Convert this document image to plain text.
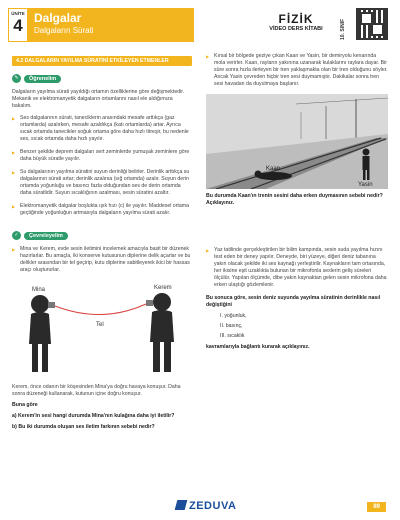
ÜNİTE
4 Dalgalar
Dalgaların Sürati
FİZİK
VİDEO DERS KİTABI	10. SINIF
4.2 DALGALARIN YAYILMA SÜRATİNİ ETKİLEYEN ETMENLER
✎	Öğrenelim

Dalgaların yayılma sürati yayıldığı ortamın özelliklerine göre değişmektedir. Mekanik ve elektromanyetik dalgaların ortamlarını nasıl ele aldığımıza bakalım.

▶ Ses dalgalarının sürati, taneciklerin arasındaki mesafe arttıkça (gaz ortamlarda) azalırken, mesafe azaldıkça (katı ortamlarda) artar. Ayrıca sıcak ortamda tanecikler soğuk ortama göre daha hızlı titreşir, bu nedenle ses, sıcak ortamda daha hızlı yayılır.
▶ Benzer şekilde deprem dalgaları sert zeminlerde yumuşak zeminlere göre daha büyük süratle yayılır.
▶ Su dalgalarının yayılma süratini suyun derinliği belirler. Derinlik arttıkça su dalgalarının sürati artar; derinlik azalırsa (sığ ortamda) azalır. Suyun derin ortamda yoğunluğu ve basıncı fazla olduğundan ses de derin ortamda daha süratlidir. Suyun sıcaklığının azalması, sesin süratini azaltır.
▶ Elektromanyetik dalgalar boşlukta ışık hızı (c) ile yayılır. Maddesel ortama geçtiğinde yoğunluğun artmasıyla dalgaların yayılma sürati azalır.
✓	Çevreleyelim
▶ Mina ve Kerem, evde sesin iletimini incelemek amacıyla basit bir düzenek hazırlarlar. Bu amaçla, iki konserve kutusunun diplerine delik açarlar ve bu delikler arasından bir tel geçirip, kutu diplerine sabitleyerek ikici bir hassas araçı oluştururlar.
Mina	Kerem
Tel

Kerem, önce odanın bir köşesinden Mina'ya doğru havaya konuşur. Daha sonra düzeneği kullanarak, kutunun içine doğru konuşur.

Buna göre

a) Kerem'in sesi hangi durumda Mina'nın kulağına daha iyi iletilir?

b) Bu iki durumda oluşan ses iletim farkının sebebi nedir?

▶ Kırsal bir bölgede geziye çıkan Kaan ve Yasin, bir demiryolu kenarında mola verirler. Kaan, rayların yakınına uzanarak kulaklarını raylara dayar. Bir süre sonra hızla ilerleyen bir tren yaklaşmakta olan bir tren olduğunu söyler. Ancak Yasin çevreden hiçbir tren sesi duymamıştır. Dakikalar sonra tren sesi havadan da duyulmaya başlanır.
Kaan
Yasin

Bu durumda Kaan'ın trenin sesini daha erken duymasının sebebi nedir? Açıklayınız.

▶ Yaz tatilinde gerçekleştirilen bir bilim kampında, sesin suda yayılma hızını test eden bir deney yapılır. Deneyde, biri yüzeye, diğeri deniz tabanına yakın olacak şekilde iki ses kaynağı yerleştirilir. Kaynakların tam ortasında, her ikisine eşit uzaklıkta bulunan bir mikrofonla seslerin geliş süreleri ölçülür. Yapılan ölçümde, dibe yakın kaynaktan gelen sesin mikrofona daha erken ulaştığı gözlemlenir.

Bu sonuca göre, sesin deniz suyunda yayılma süratinin derinlikle nasıl değiştiğini

I. yoğunluk,
II. basınç,
III. sıcaklık

kavramlarıyla bağlantı kurarak açıklayınız.

ZEDUVA	89
